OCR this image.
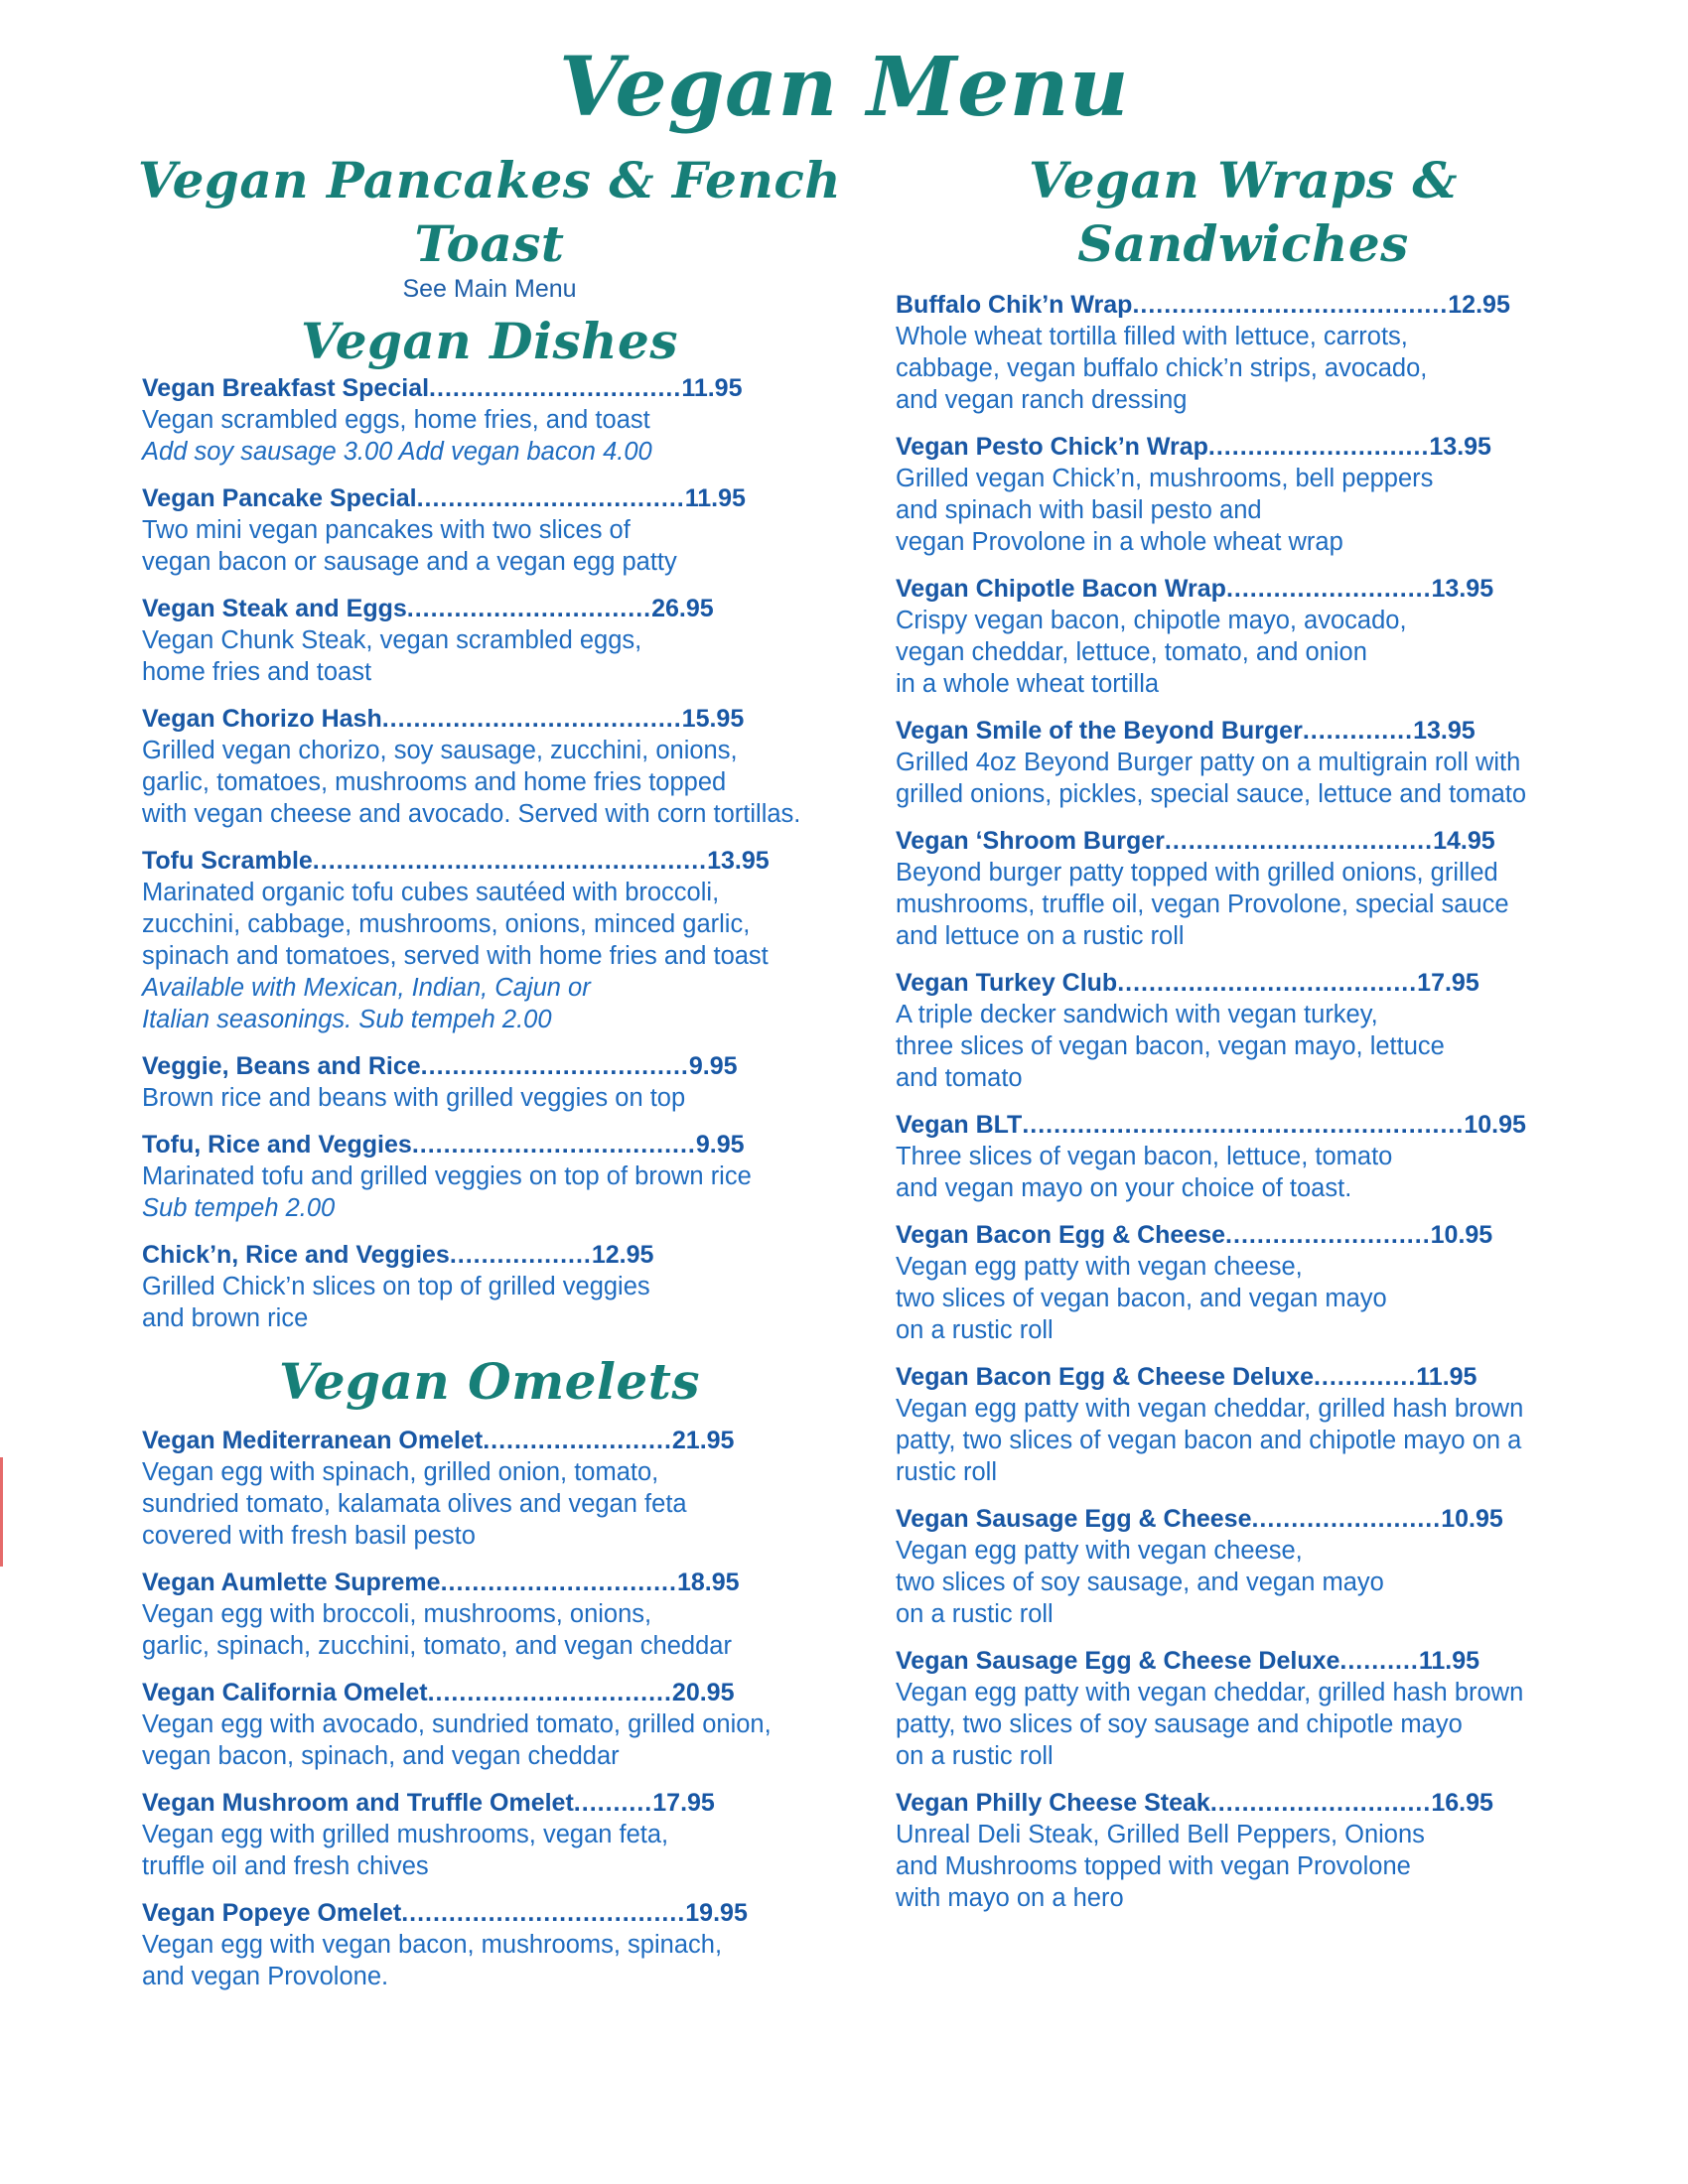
Vegan Menu
Vegan Pancakes & Fench Toast
See Main Menu
Vegan Dishes
Vegan Breakfast Special ................................ 11.95
Vegan scrambled eggs, home fries, and toast
Add soy sausage 3.00 Add vegan bacon 4.00
Vegan Pancake Special .................................. 11.95
Two mini vegan pancakes with two slices of
vegan bacon or sausage and a vegan egg patty
Vegan Steak and Eggs ............................... 26.95
Vegan Chunk Steak, vegan scrambled eggs,
home fries and toast
Vegan Chorizo Hash ...................................... 15.95
Grilled vegan chorizo, soy sausage, zucchini, onions,
garlic, tomatoes, mushrooms and home fries topped
with vegan cheese and avocado. Served with corn tortillas.
Tofu Scramble .................................................. 13.95
Marinated organic tofu cubes sautéed with broccoli,
zucchini, cabbage, mushrooms, onions, minced garlic,
spinach and tomatoes, served with home fries and toast
Available with Mexican, Indian, Cajun or
Italian seasonings. Sub tempeh 2.00
Veggie, Beans and Rice .................................. 9.95
Brown rice and beans with grilled veggies on top
Tofu, Rice and Veggies .................................... 9.95
Marinated tofu and grilled veggies on top of brown rice
Sub tempeh 2.00
Chick’n, Rice and Veggies .................. 12.95
Grilled Chick’n slices on top of grilled veggies
and brown rice
Vegan Omelets
Vegan Mediterranean Omelet ........................ 21.95
Vegan egg with spinach, grilled onion, tomato,
sundried tomato, kalamata olives and vegan feta
covered with fresh basil pesto
Vegan Aumlette Supreme .............................. 18.95
Vegan egg with broccoli, mushrooms, onions,
garlic, spinach, zucchini, tomato, and vegan cheddar
Vegan California Omelet ............................... 20.95
Vegan egg with avocado, sundried tomato, grilled onion,
vegan bacon, spinach, and vegan cheddar
Vegan Mushroom and Truffle Omelet .......... 17.95
Vegan egg with grilled mushrooms, vegan feta,
truffle oil and fresh chives
Vegan Popeye Omelet .................................... 19.95
Vegan egg with vegan bacon, mushrooms, spinach,
and vegan Provolone.
Vegan Wraps & Sandwiches
Buffalo Chik’n Wrap ........................................ 12.95
Whole wheat tortilla filled with lettuce, carrots,
cabbage, vegan buffalo chick’n strips, avocado,
and vegan ranch dressing
Vegan Pesto Chick’n Wrap ............................ 13.95
Grilled vegan Chick’n, mushrooms, bell peppers
and spinach with basil pesto and
vegan Provolone in a whole wheat wrap
Vegan Chipotle Bacon Wrap .......................... 13.95
Crispy vegan bacon, chipotle mayo, avocado,
vegan cheddar, lettuce, tomato, and onion
in a whole wheat tortilla
Vegan Smile of the Beyond Burger .............. 13.95
Grilled 4oz Beyond Burger patty on a multigrain roll with
grilled onions, pickles, special sauce, lettuce and tomato
Vegan ‘Shroom Burger .................................. 14.95
Beyond burger patty topped with grilled onions, grilled
mushrooms, truffle oil, vegan Provolone, special sauce
and lettuce on a rustic roll
Vegan Turkey Club ...................................... 17.95
A triple decker sandwich with vegan turkey,
three slices of vegan bacon, vegan mayo, lettuce
and tomato
Vegan BLT ........................................................ 10.95
Three slices of vegan bacon, lettuce, tomato
and vegan mayo on your choice of toast.
Vegan Bacon Egg & Cheese .......................... 10.95
Vegan egg patty with vegan cheese,
two slices of vegan bacon, and vegan mayo
on a rustic roll
Vegan Bacon Egg & Cheese Deluxe ............. 11.95
Vegan egg patty with vegan cheddar, grilled hash brown
patty, two slices of vegan bacon and chipotle mayo on a
rustic roll
Vegan Sausage Egg & Cheese ........................ 10.95
Vegan egg patty with vegan cheese,
two slices of soy sausage, and vegan mayo
on a rustic roll
Vegan Sausage Egg & Cheese Deluxe .......... 11.95
Vegan egg patty with vegan cheddar, grilled hash brown
patty, two slices of soy sausage and chipotle mayo
on a rustic roll
Vegan Philly Cheese Steak ............................ 16.95
Unreal Deli Steak, Grilled Bell Peppers, Onions
and Mushrooms topped with vegan Provolone
with mayo on a hero
